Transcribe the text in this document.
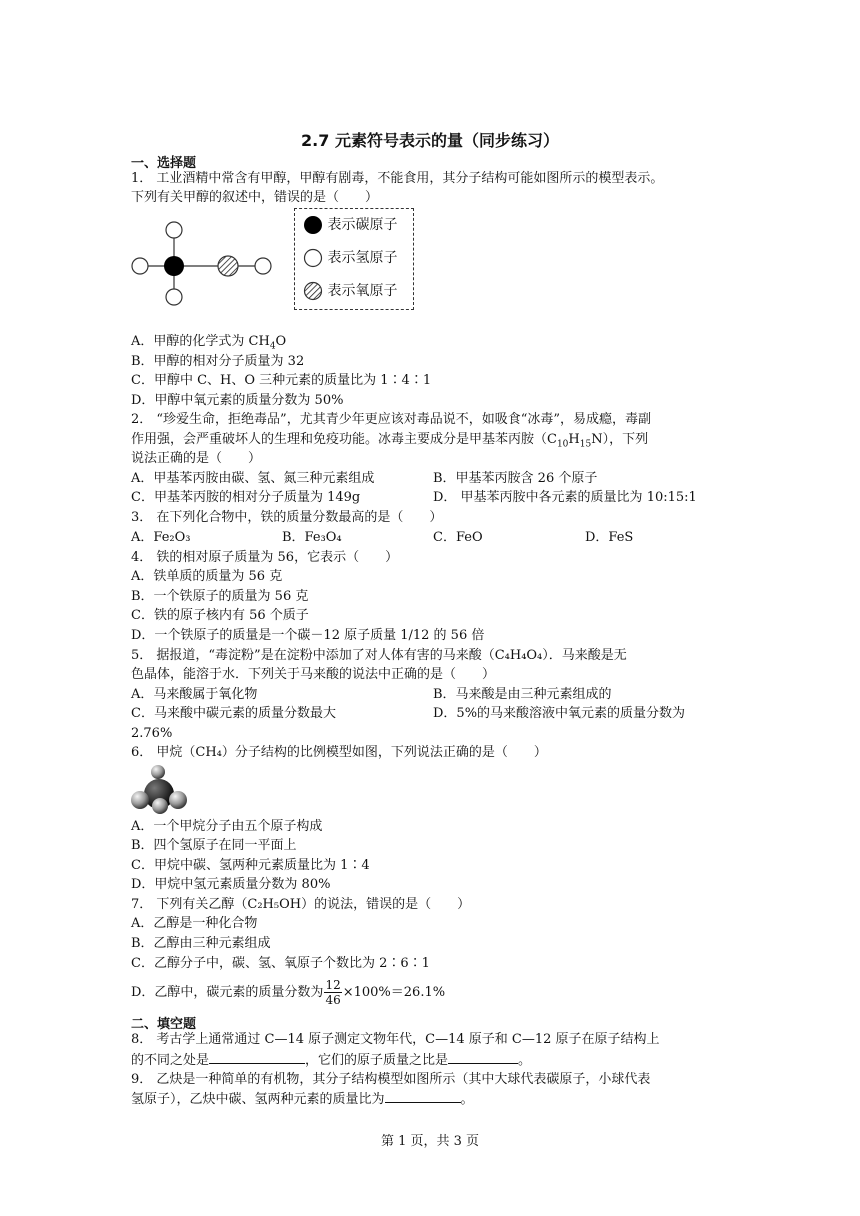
2.7 元素符号表示的量（同步练习）
一、选择题
1． 工业酒精中常含有甲醇，甲醇有剧毒，不能食用，其分子结构可能如图所示的模型表示。
下列有关甲醇的叙述中，错误的是（　　）
表示碳原子
表示氢原子
表示氧原子
A．甲醇的化学式为 $CH_4O$
B．甲醇的相对分子质量为 32
C．甲醇中 C、H、O 三种元素的质量比为 1∶4∶1
D．甲醇中氧元素的质量分数为 50%
2． “珍爱生命，拒绝毒品”，尤其青少年更应该对毒品说不，如吸食“冰毒”，易成瘾，毒副
作用强，会严重破坏人的生理和免疫功能。冰毒主要成分是甲基苯丙胺$(C_{10}H_{15}N)$，下列
说法正确的是（　　）
A．甲基苯丙胺由碳、氢、氮三种元素组成	B．甲基苯丙胺含 26 个原子
C．甲基苯丙胺的相对分子质量为 149g	D． 甲基苯丙胺中各元素的质量比为 10:15:1
3． 在下列化合物中，铁的质量分数最高的是（　　）
A．Fe₂O₃	B．Fe₃O₄	C．FeO	D．FeS
4． 铁的相对原子质量为 56，它表示（　　）
A．铁单质的质量为 56 克
B．一个铁原子的质量为 56 克
C．铁的原子核内有 56 个质子
D．一个铁原子的质量是一个碳－12 原子质量 1/12 的 56 倍
5． 据报道，“毒淀粉”是在淀粉中添加了对人体有害的马来酸（C₄H₄O₄）．马来酸是无
色晶体，能溶于水．下列关于马来酸的说法中正确的是（　　）
A．马来酸属于氧化物	B．马来酸是由三种元素组成的
C．马来酸中碳元素的质量分数最大	D．5%的马来酸溶液中氧元素的质量分数为
2.76%
6． 甲烷（CH₄）分子结构的比例模型如图，下列说法正确的是（　　）
A．一个甲烷分子由五个原子构成
B．四个氢原子在同一平面上
C．甲烷中碳、氢两种元素质量比为 1∶4
D．甲烷中氢元素质量分数为 80%
7． 下列有关乙醇（C₂H₅OH）的说法，错误的是（　　）
A．乙醇是一种化合物
B．乙醇由三种元素组成
C．乙醇分子中，碳、氢、氧原子个数比为 2∶6∶1
D．乙醇中，碳元素的质量分数为 $\frac{12}{46} \times 100\%=26.1\%$
二、填空题
8． 考古学上通常通过 C—14 原子测定文物年代，C—14 原子和 C—12 原子在原子结构上
的不同之处是	，它们的原子质量之比是	。
9． 乙炔是一种简单的有机物，其分子结构模型如图所示（其中大球代表碳原子，小球代表
氢原子），乙炔中碳、氢两种元素的质量比为	。
第 1 页，共 3 页
